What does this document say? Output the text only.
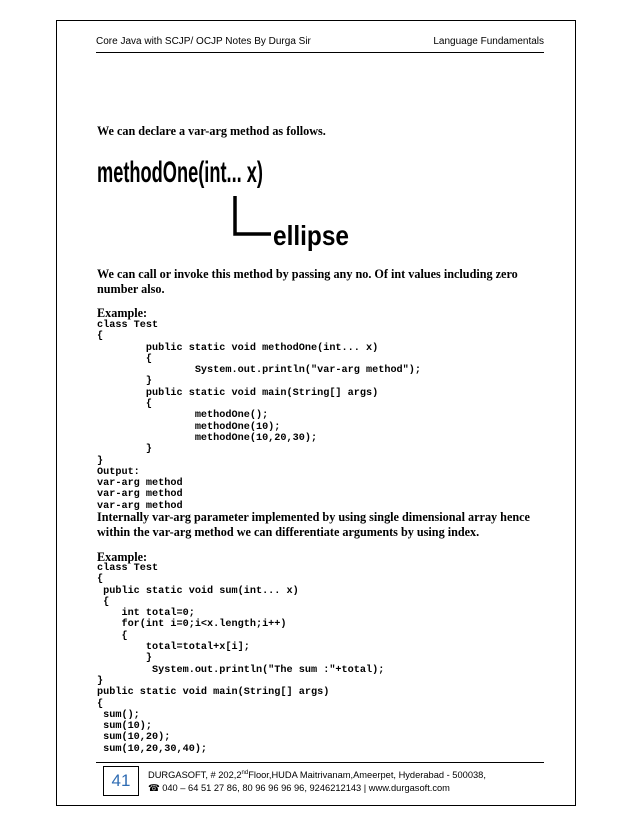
Core Java with SCJP/ OCJP Notes By Durga Sir	Language Fundamentals
We can declare a var-arg method as follows.
methodOne(int... x)
ellipse
We can call or invoke this method by passing any no. Of int values including zero number also.
Example:
class Test
{
public static void methodOne(int... x)
{
System.out.println("var-arg method");
}
public static void main(String[] args)
{
methodOne();
methodOne(10);
methodOne(10,20,30);
}
}
Output:
var-arg method
var-arg method
var-arg method
Internally var-arg parameter implemented by using single dimensional array hence within the var-arg method we can differentiate arguments by using index.
Example:
class Test
{
public static void sum(int... x)
{
int total=0;
for(int i=0;i<x.length;i++)
{
total=total+x[i];
}
System.out.println("The sum :"+total);
}
public static void main(String[] args)
{
sum();
sum(10);
sum(10,20);
sum(10,20,30,40);
41	DURGASOFT, # 202,2ndFloor,HUDA Maitrivanam,Ameerpet, Hyderabad - 500038,
☎ 040 – 64 51 27 86, 80 96 96 96 96, 9246212143 | www.durgasoft.com
